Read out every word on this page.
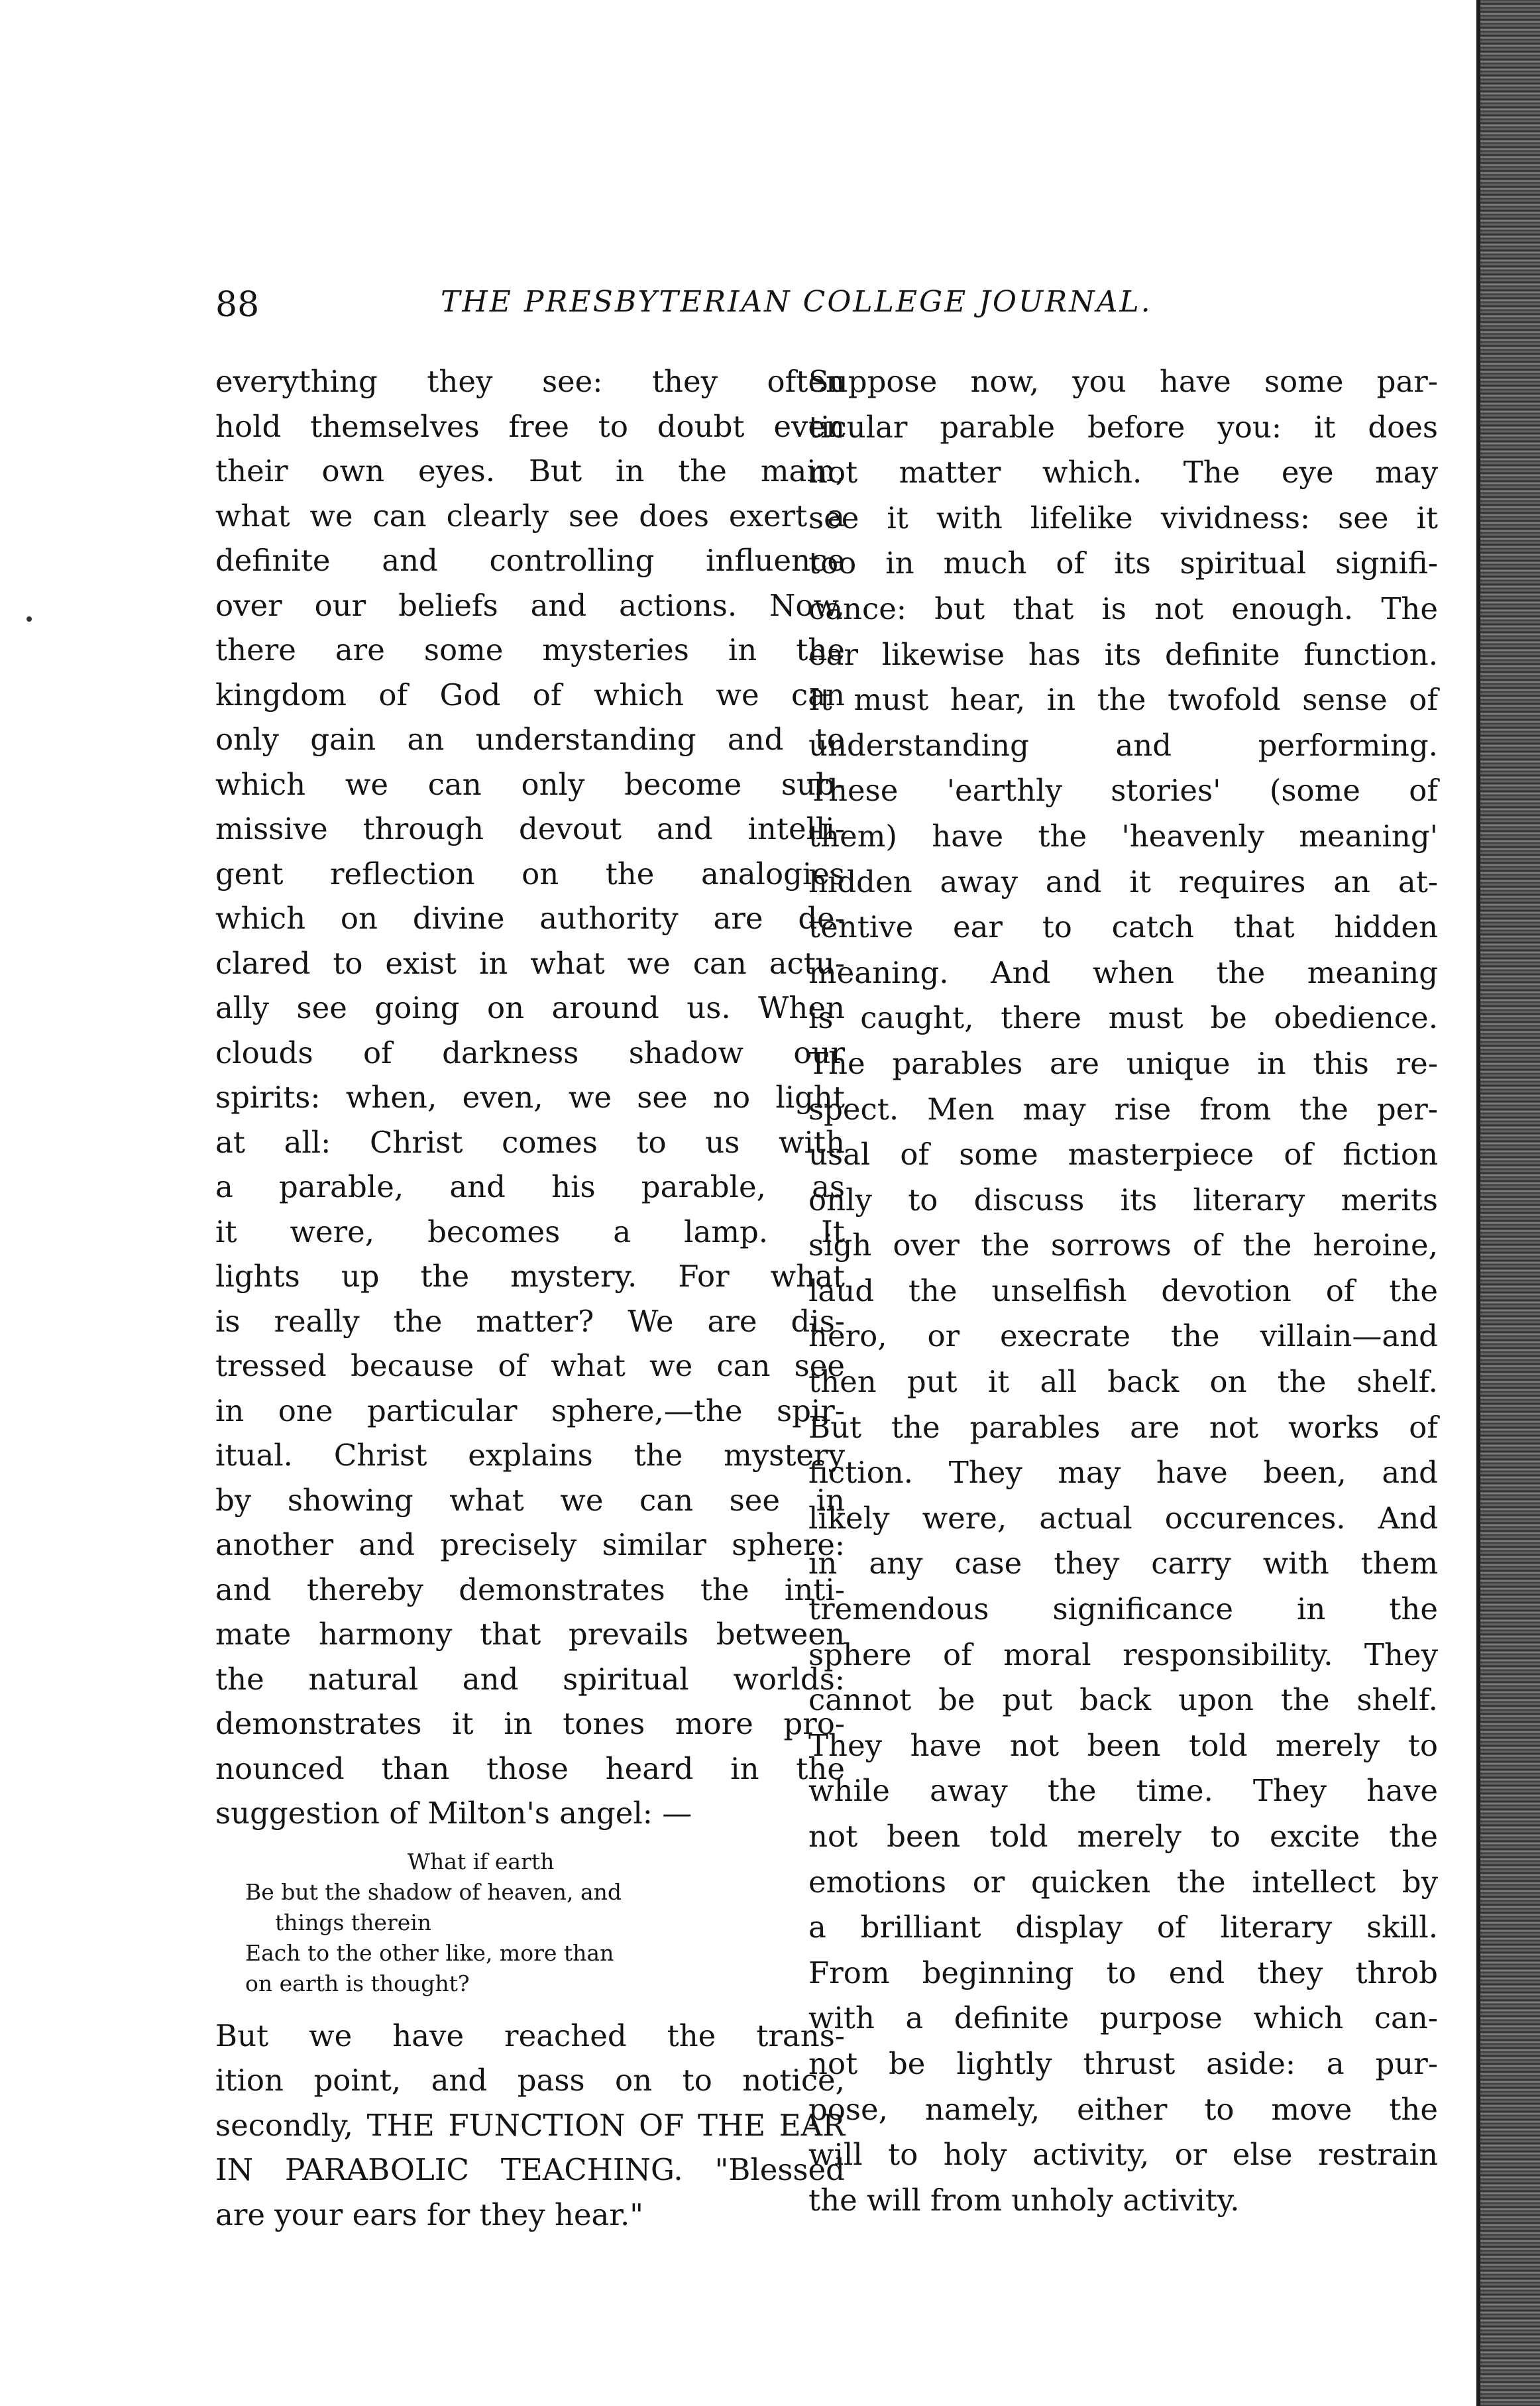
88	THE PRESBYTERIAN COLLEGE JOURNAL.
everything they see: they often
hold themselves free to doubt even
their own eyes. But in the main,
what we can clearly see does exert a
definite and controlling influence
over our beliefs and actions. Now,
there are some mysteries in the
kingdom of God of which we can
only gain an understanding and to
which we can only become sub-
missive through devout and intelli-
gent reflection on the analogies
which on divine authority are de-
clared to exist in what we can actu-
ally see going on around us. When
clouds of darkness shadow our
spirits: when, even, we see no light
at all: Christ comes to us with
a parable, and his parable, as
it were, becomes a lamp. It
lights up the mystery. For what
is really the matter? We are dis-
tressed because of what we can see
in one particular sphere,—the spir-
itual. Christ explains the mystery
by showing what we can see in
another and precisely similar sphere:
and thereby demonstrates the inti-
mate harmony that prevails between
the natural and spiritual worlds:
demonstrates it in tones more pro-
nounced than those heard in the
suggestion of Milton's angel: —
What if earth
Be but the shadow of heaven, and
things therein
Each to the other like, more than
on earth is thought?
But we have reached the trans-
ition point, and pass on to notice,
secondly, THE FUNCTION OF THE EAR
IN PARABOLIC TEACHING. "Blessed
are your ears for they hear."
Suppose now, you have some par-
ticular parable before you: it does
not matter which. The eye may
see it with lifelike vividness: see it
too in much of its spiritual signifi-
cance: but that is not enough. The
ear likewise has its definite function.
It must hear, in the twofold sense of
understanding and performing.
These 'earthly stories' (some of
them) have the 'heavenly meaning'
hidden away and it requires an at-
tentive ear to catch that hidden
meaning. And when the meaning
is caught, there must be obedience.
The parables are unique in this re-
spect. Men may rise from the per-
usal of some masterpiece of fiction
only to discuss its literary merits
sigh over the sorrows of the heroine,
laud the unselfish devotion of the
hero, or execrate the villain—and
then put it all back on the shelf.
But the parables are not works of
fiction. They may have been, and
likely were, actual occurences. And
in any case they carry with them
tremendous significance in the
sphere of moral responsibility. They
cannot be put back upon the shelf.
They have not been told merely to
while away the time. They have
not been told merely to excite the
emotions or quicken the intellect by
a brilliant display of literary skill.
From beginning to end they throb
with a definite purpose which can-
not be lightly thrust aside: a pur-
pose, namely, either to move the
will to holy activity, or else restrain
the will from unholy activity.
